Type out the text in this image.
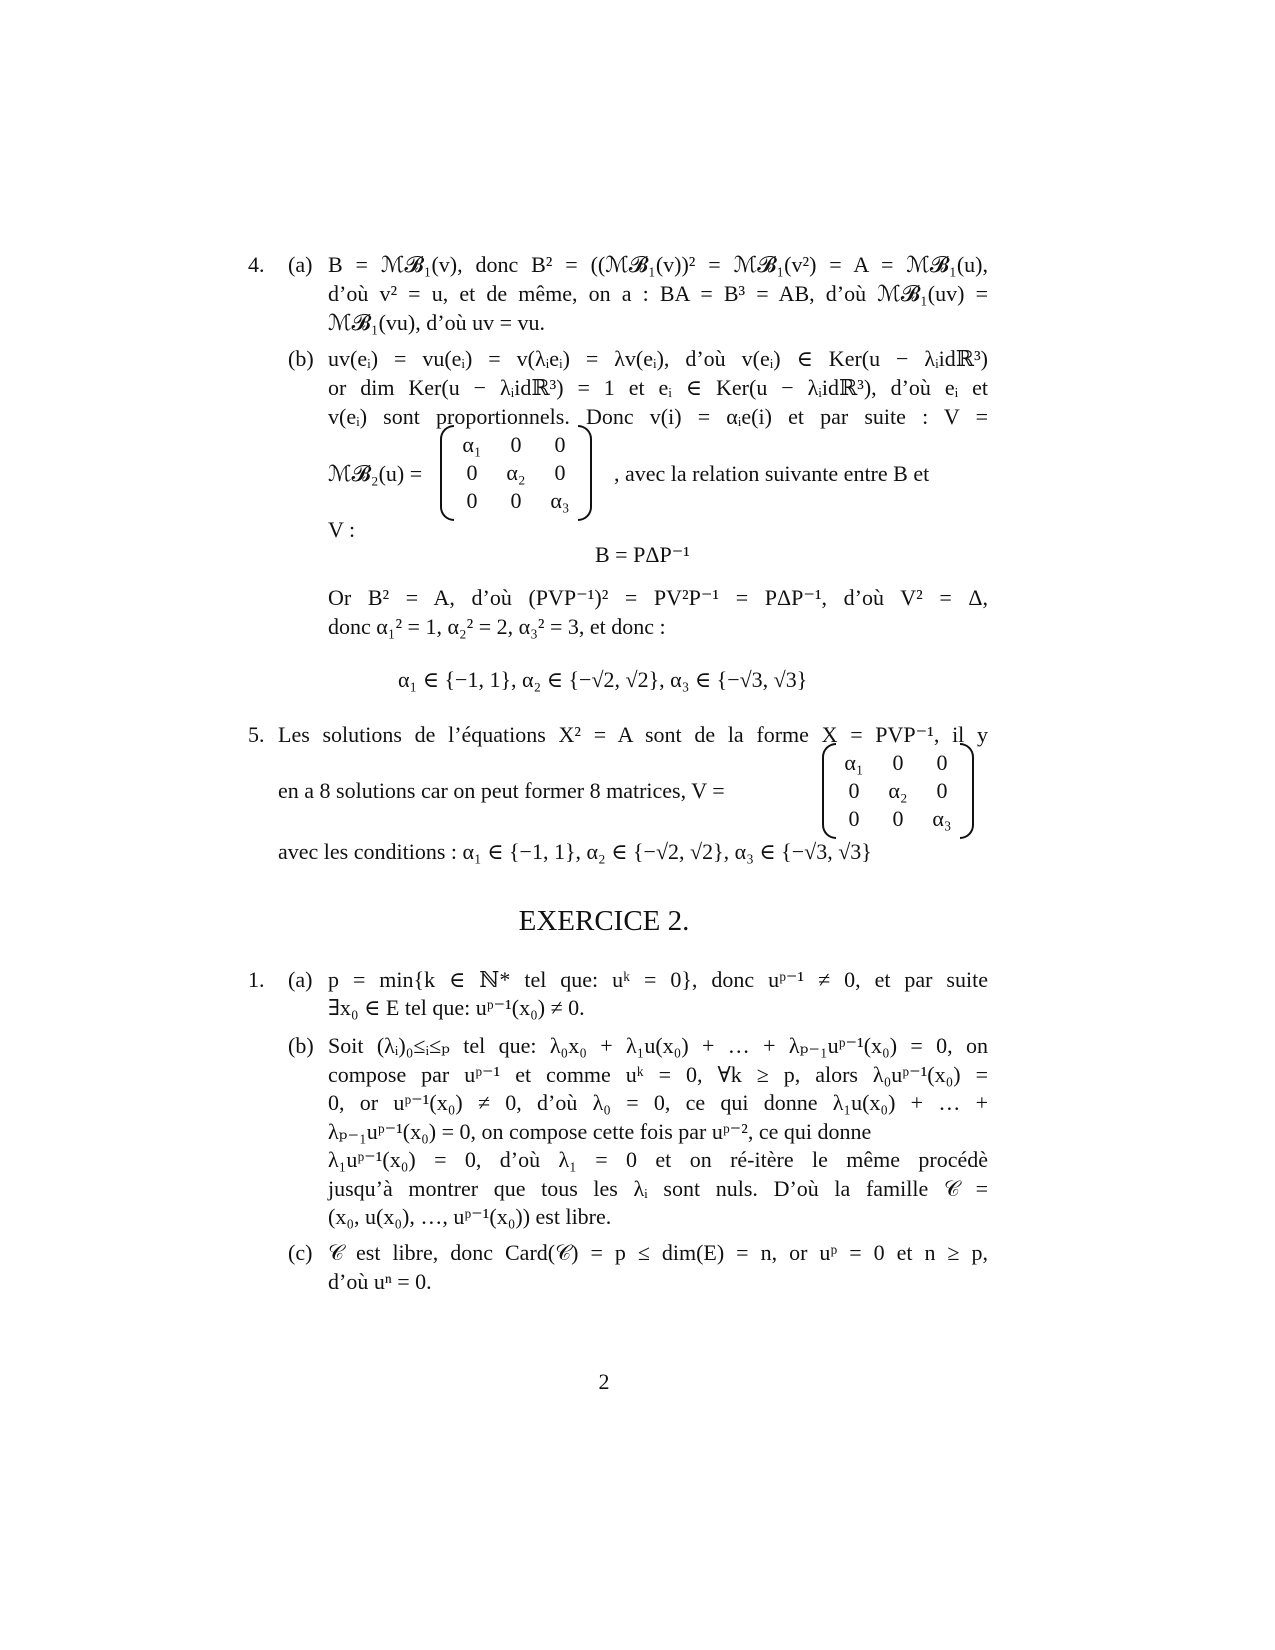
4. (a) B = ℳ𝓑₁(v), donc B² = ((ℳ𝓑₁(v))² = ℳ𝓑₁(v²) = A = ℳ𝓑₁(u),
d’où v² = u, et de même, on a : BA = B³ = AB, d’où ℳ𝓑₁(uv) =
ℳ𝓑₁(vu), d’où uv = vu.
(b) uv(eᵢ) = vu(eᵢ) = v(λᵢeᵢ) = λv(eᵢ), d’où v(eᵢ) ∈ Ker(u − λᵢidℝ³)
or dim Ker(u − λᵢidℝ³) = 1 et eᵢ ∈ Ker(u − λᵢidℝ³), d’où eᵢ et
v(eᵢ) sont proportionnels. Donc v(i) = αᵢe(i) et par suite : V =
ℳ𝓑₂(u) =
α₁	0	0
0	α₂	0
0	0	α₃
, avec la relation suivante entre B et
V :
B = PΔP⁻¹
Or B² = A, d’où (PVP⁻¹)² = PV²P⁻¹ = PΔP⁻¹, d’où V² = Δ,
donc α₁² = 1, α₂² = 2, α₃² = 3, et donc :
α₁ ∈ {−1, 1}, α₂ ∈ {−√2, √2}, α₃ ∈ {−√3, √3}
5. Les solutions de l’équations X² = A sont de la forme X = PVP⁻¹, il y
en a 8 solutions car on peut former 8 matrices, V =
α₁	0	0
0	α₂	0
0	0	α₃
avec les conditions : α₁ ∈ {−1, 1}, α₂ ∈ {−√2, √2}, α₃ ∈ {−√3, √3}
EXERCICE 2.
1. (a) p = min{k ∈ ℕ* tel que: uᵏ = 0}, donc uᵖ⁻¹ ≠ 0, et par suite
∃x₀ ∈ E tel que: uᵖ⁻¹(x₀) ≠ 0.
(b) Soit (λᵢ)₀≤ᵢ≤ₚ tel que: λ₀x₀ + λ₁u(x₀) + … + λₚ₋₁uᵖ⁻¹(x₀) = 0, on
compose par uᵖ⁻¹ et comme uᵏ = 0, ∀k ≥ p, alors λ₀uᵖ⁻¹(x₀) =
0, or uᵖ⁻¹(x₀) ≠ 0, d’où λ₀ = 0, ce qui donne λ₁u(x₀) + … +
λₚ₋₁uᵖ⁻¹(x₀) = 0, on compose cette fois par uᵖ⁻², ce qui donne
λ₁uᵖ⁻¹(x₀) = 0, d’où λ₁ = 0 et on ré-itère le même procédè
jusqu’à montrer que tous les λᵢ sont nuls. D’où la famille 𝒞 =
(x₀, u(x₀), …, uᵖ⁻¹(x₀)) est libre.
(c) 𝒞 est libre, donc Card(𝒞) = p ≤ dim(E) = n, or uᵖ = 0 et n ≥ p,
d’où uⁿ = 0.
2
